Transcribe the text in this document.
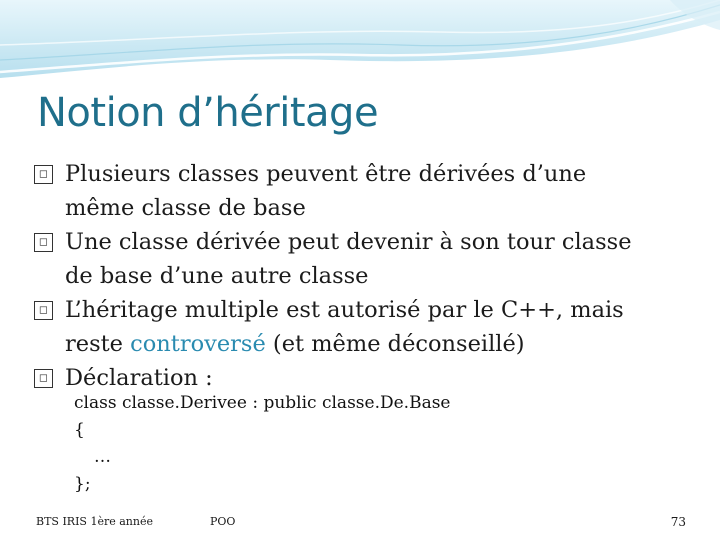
Notion d’héritage
◻ Plusieurs classes peuvent être dérivées d’une
même classe de base
◻ Une classe dérivée peut devenir à son tour classe
de base d’une autre classe
◻ L’héritage multiple est autorisé par le C++, mais
reste controversé (et même déconseillé)
◻ Déclaration :
class classe.Derivee : public classe.De.Base
{
…
};
BTS IRIS 1ère année	POO	73
